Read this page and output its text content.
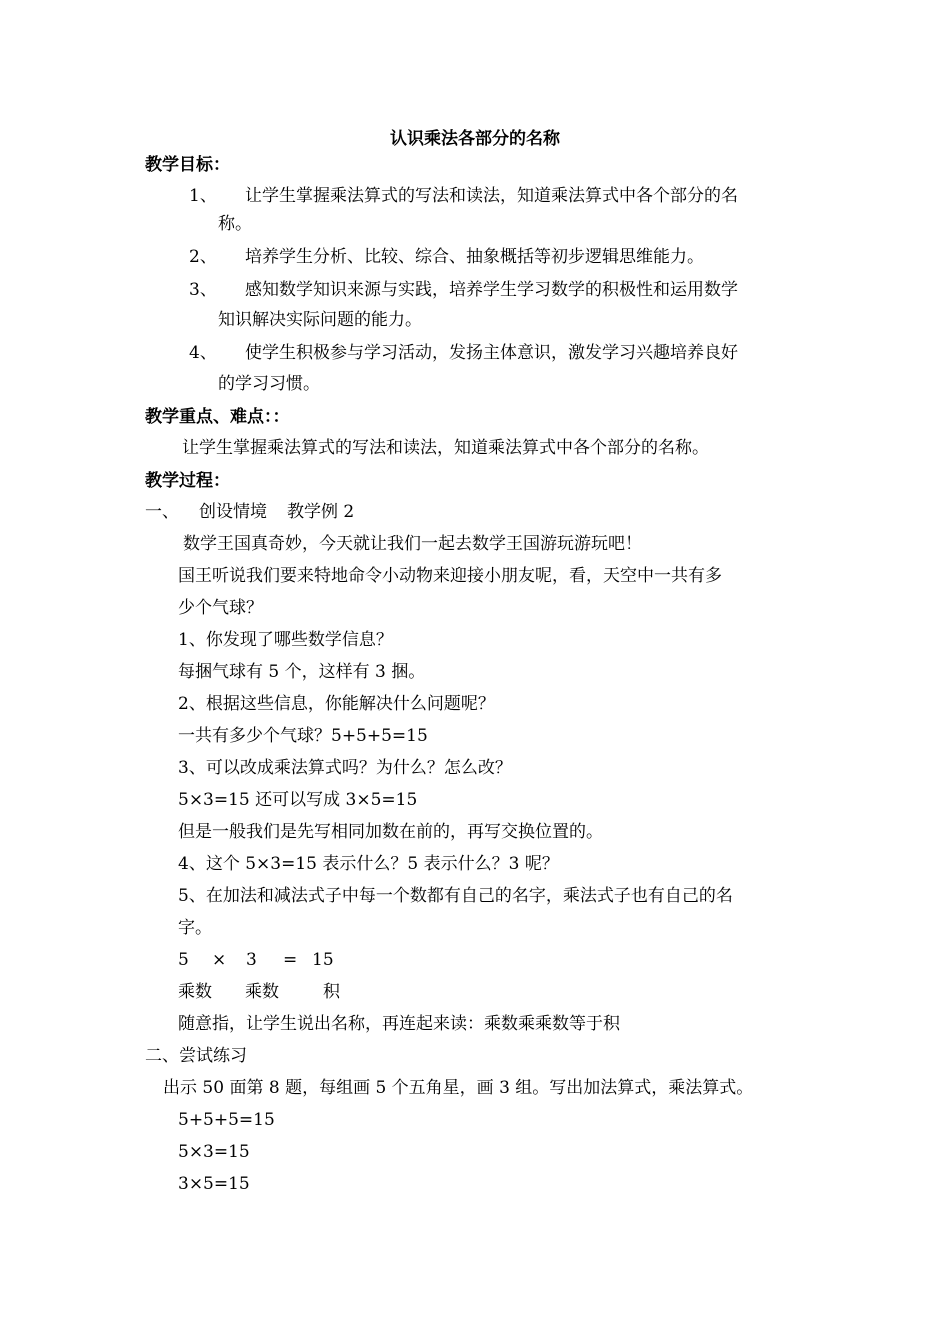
认识乘法各部分的名称
教学目标：
1、 让学生掌握乘法算式的写法和读法，知道乘法算式中各个部分的名
称。
2、 培养学生分析、比较、综合、抽象概括等初步逻辑思维能力。
3、 感知数学知识来源与实践，培养学生学习数学的积极性和运用数学
知识解决实际问题的能力。
4、 使学生积极参与学习活动，发扬主体意识，激发学习兴趣培养良好
的学习习惯。
教学重点、难点：：
让学生掌握乘法算式的写法和读法，知道乘法算式中各个部分的名称。
教学过程：
一、 创设情境 教学例 2
数学王国真奇妙，今天就让我们一起去数学王国游玩游玩吧！
国王听说我们要来特地命令小动物来迎接小朋友呢，看，天空中一共有多
少个气球？
1、你发现了哪些数学信息？
每捆气球有 5 个，这样有 3 捆。
2、根据这些信息，你能解决什么问题呢？
一共有多少个气球？5+5+5=15
3、可以改成乘法算式吗？为什么？怎么改？
5×3=15 还可以写成 3×5=15
但是一般我们是先写相同加数在前的，再写交换位置的。
4、这个 5×3=15 表示什么？5 表示什么？3 呢？
5、在加法和减法式子中每一个数都有自己的名字，乘法式子也有自己的名
字。
5 × 3 = 15
乘数 乘数	积
随意指，让学生说出名称，再连起来读：乘数乘乘数等于积
二、尝试练习
出示 50 面第 8 题，每组画 5 个五角星，画 3 组。写出加法算式，乘法算式。
5+5+5=15
5×3=15
3×5=15
